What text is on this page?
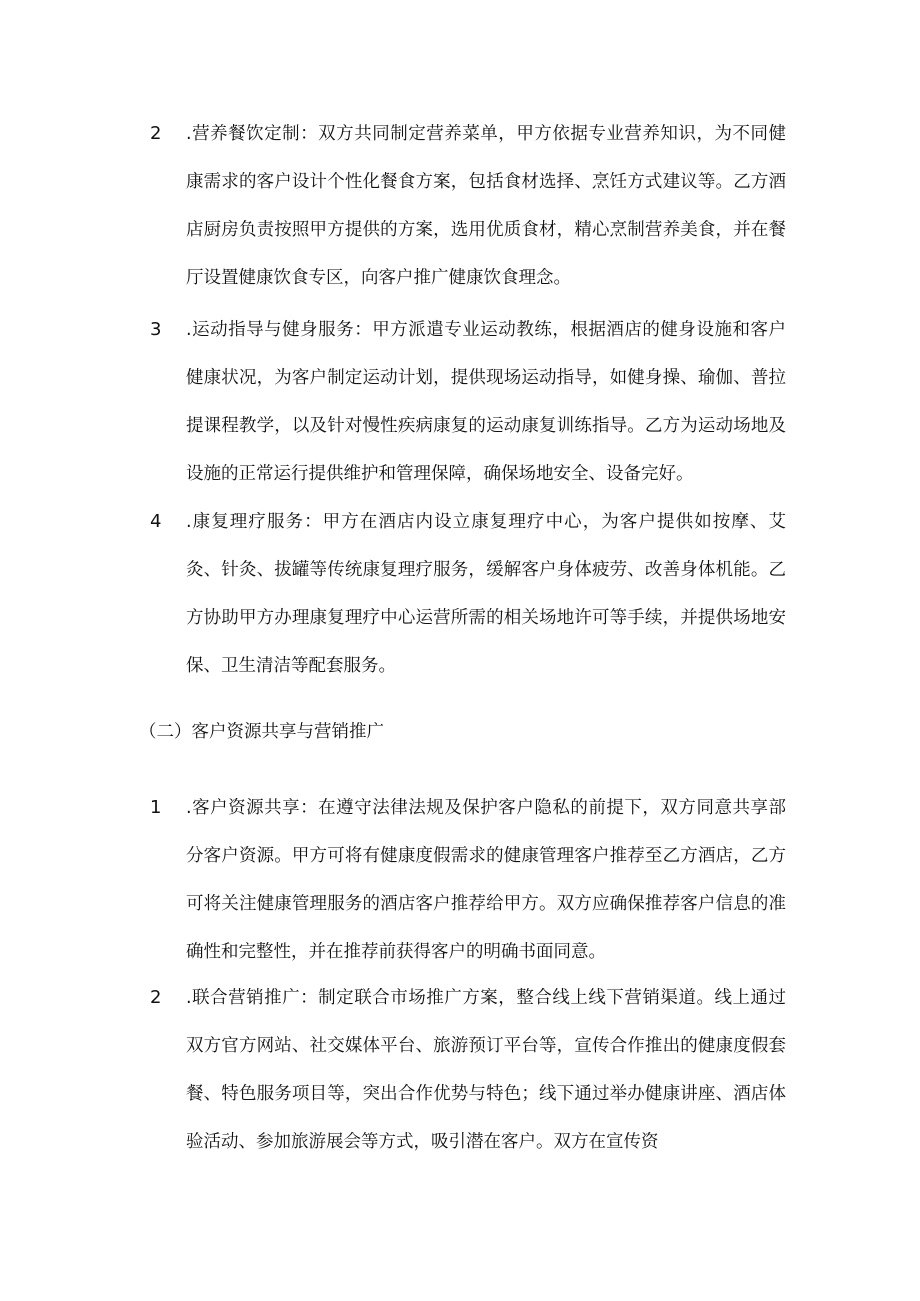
2	.营养餐饮定制：双方共同制定营养菜单，甲方依据专业营养知识，为不同健康需求的客户设计个性化餐食方案，包括食材选择、烹饪方式建议等。乙方酒店厨房负责按照甲方提供的方案，选用优质食材，精心烹制营养美食，并在餐厅设置健康饮食专区，向客户推广健康饮食理念。
3	.运动指导与健身服务：甲方派遣专业运动教练，根据酒店的健身设施和客户健康状况，为客户制定运动计划，提供现场运动指导，如健身操、瑜伽、普拉提课程教学，以及针对慢性疾病康复的运动康复训练指导。乙方为运动场地及设施的正常运行提供维护和管理保障，确保场地安全、设备完好。
4	.康复理疗服务：甲方在酒店内设立康复理疗中心，为客户提供如按摩、艾灸、针灸、拔罐等传统康复理疗服务，缓解客户身体疲劳、改善身体机能。乙方协助甲方办理康复理疗中心运营所需的相关场地许可等手续，并提供场地安保、卫生清洁等配套服务。
（二）客户资源共享与营销推广
1	.客户资源共享：在遵守法律法规及保护客户隐私的前提下，双方同意共享部分客户资源。甲方可将有健康度假需求的健康管理客户推荐至乙方酒店，乙方可将关注健康管理服务的酒店客户推荐给甲方。双方应确保推荐客户信息的准确性和完整性，并在推荐前获得客户的明确书面同意。
2	.联合营销推广：制定联合市场推广方案，整合线上线下营销渠道。线上通过双方官方网站、社交媒体平台、旅游预订平台等，宣传合作推出的健康度假套餐、特色服务项目等，突出合作优势与特色；线下通过举办健康讲座、酒店体验活动、参加旅游展会等方式，吸引潜在客户。双方在宣传资
